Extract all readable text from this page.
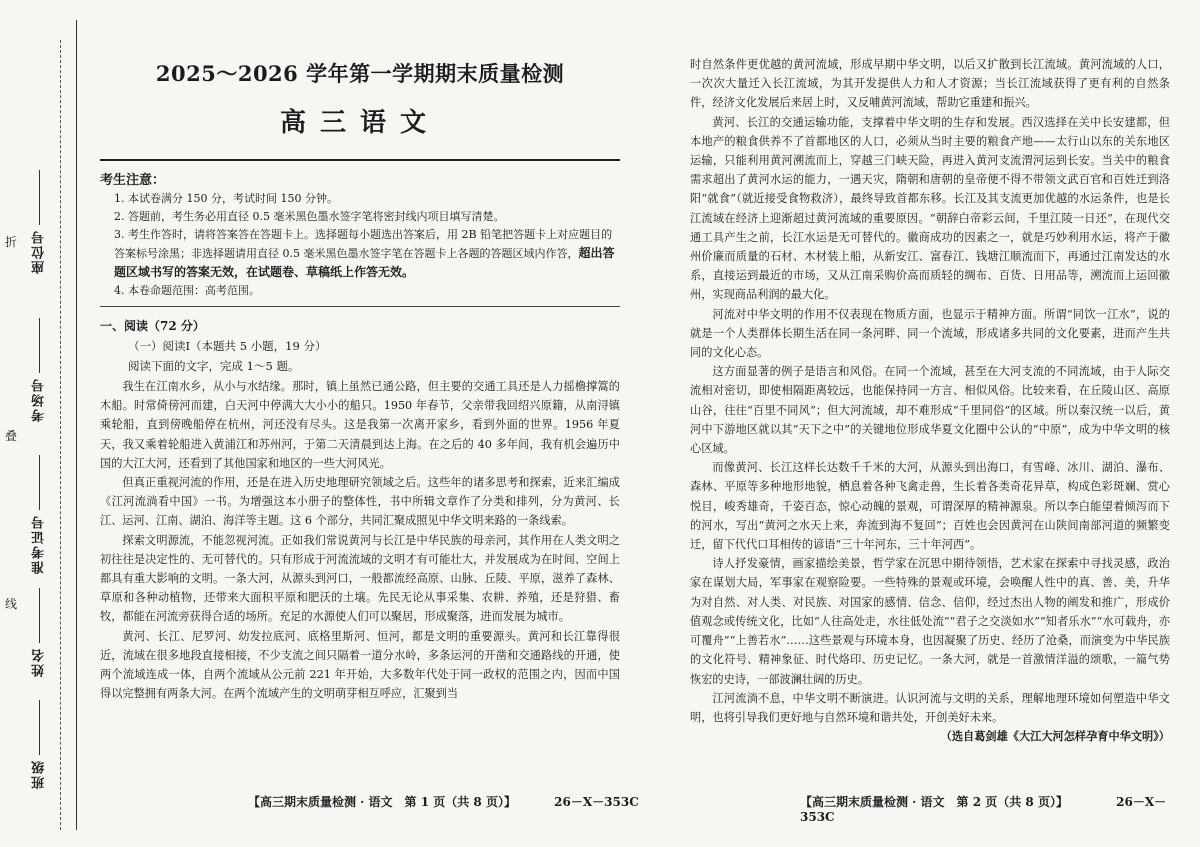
折
叠
线
座位号
考场号
准考证号
姓名
班级
2025～2026 学年第一学期期末质量检测
高三语文
考生注意：
1. 本试卷满分 150 分，考试时间 150 分钟。
2. 答题前，考生务必用直径 0.5 毫米黑色墨水签字笔将密封线内项目填写清楚。
3. 考生作答时，请将答案答在答题卡上。选择题每小题选出答案后，用 2B 铅笔把答题卡上对应题目的答案标号涂黑；非选择题请用直径 0.5 毫米黑色墨水签字笔在答题卡上各题的答题区域内作答，超出答题区域书写的答案无效，在试题卷、草稿纸上作答无效。
4. 本卷命题范围：高考范围。
一、阅读（72 分）
（一）阅读Ⅰ（本题共 5 小题，19 分）
阅读下面的文字，完成 1～5 题。

我生在江南水乡，从小与水结缘。那时，镇上虽然已通公路，但主要的交通工具还是人力摇橹撑篙的木船。时常倚傍河而建，白天河中停满大大小小的船只。1950 年春节，父亲带我回绍兴原籍，从南浔镇乘轮船，直到傍晚船停在杭州，河还没有尽头。这是我第一次离开家乡，看到外面的世界。1956 年夏天，我又乘着轮船进入黄浦江和苏州河，于第二天清晨到达上海。在之后的 40 多年间，我有机会遍历中国的大江大河，还看到了其他国家和地区的一些大河风光。

但真正重视河流的作用，还是在进入历史地理研究领域之后。这些年的诸多思考和探索，近来汇编成《江河流淌看中国》一书。为增强这本小册子的整体性，书中所辑文章作了分类和排列，分为黄河、长江、运河、江南、湖泊、海洋等主题。这 6 个部分，共同汇聚成照见中华文明来路的一条线索。

探索文明源流，不能忽视河流。正如我们常说黄河与长江是中华民族的母亲河，其作用在人类文明之初往往是决定性的、无可替代的。只有形成于河流流域的文明才有可能壮大，并发展成为在时间、空间上都具有重大影响的文明。一条大河，从源头到河口，一般都流经高原、山脉、丘陵、平原，滋养了森林、草原和各种动植物，还带来大面积平原和肥沃的土壤。先民无论从事采集、农耕、养殖，还是狩猎、畜牧，都能在河流旁获得合适的场所。充足的水源使人们可以聚居，形成聚落，进而发展为城市。

黄河、长江、尼罗河、幼发拉底河、底格里斯河、恒河，都是文明的重要源头。黄河和长江靠得很近，流域在很多地段直接相接，不少支流之间只隔着一道分水岭，多条运河的开凿和交通路线的开通，使两个流域连成一体，自两个流域从公元前 221 年开始，大多数年代处于同一政权的范围之内，因而中国得以完整拥有两条大河。在两个流域产生的文明萌芽相互呼应，汇聚到当

【高三期末质量检测 · 语文　第 1 页（共 8 页）】	26－X－353C

时自然条件更优越的黄河流域，形成早期中华文明，以后又扩散到长江流域。黄河流域的人口，一次次大量迁入长江流域，为其开发提供人力和人才资源；当长江流域获得了更有利的自然条件，经济文化发展后来居上时，又反哺黄河流域，帮助它重建和振兴。

黄河、长江的交通运输功能，支撑着中华文明的生存和发展。西汉选择在关中长安建都，但本地产的粮食供养不了首都地区的人口，必须从当时主要的粮食产地——太行山以东的关东地区运输，只能利用黄河溯流而上，穿越三门峡天险，再进入黄河支流渭河运到长安。当关中的粮食需求超出了黄河水运的能力，一遇天灾，隋朝和唐朝的皇帝便不得不带领文武百官和百姓迁到洛阳“就食”（就近接受食物救济），最终导致首都东移。长江及其支流更加优越的水运条件，也是长江流域在经济上迎渐超过黄河流域的重要原因。“朝辞白帝彩云间，千里江陵一日还”，在现代交通工具产生之前，长江水运是无可替代的。徽商成功的因素之一，就是巧妙利用水运，将产于徽州价廉而质量的石材、木材装上船，从新安江、富春江、钱塘江顺流而下，再通过江南发达的水系，直接运到最近的市场，又从江南采购价高而质轻的绸布、百货、日用品等，溯流而上运回徽州，实现商品利润的最大化。

河流对中华文明的作用不仅表现在物质方面，也显示于精神方面。所谓“同饮一江水”，说的就是一个人类群体长期生活在同一条河畔、同一个流域，形成诸多共同的文化要素，进而产生共同的文化心态。

这方面显著的例子是语言和风俗。在同一个流域，甚至在大河支流的不同流域，由于人际交流相对密切，即使相隔距离较远，也能保持同一方言、相似风俗。比较来看，在丘陵山区、高原山谷，往往“百里不同风”；但大河流域，却不难形成“千里同俗”的区域。所以秦汉统一以后，黄河中下游地区就以其“天下之中”的关键地位形成华夏文化圈中公认的“中原”，成为中华文明的核心区域。

而像黄河、长江这样长达数千千米的大河，从源头到出海口，有雪峰、冰川、湖泊、瀑布、森林、平原等多种地形地貌，栖息着各种飞禽走兽，生长着各类奇花异草，构成色彩斑斓、赏心悦目，峻秀雄奇，千姿百态，惊心动魄的景观，可谓深厚的精神源泉。所以李白能望着倾泻而下的河水，写出“黄河之水天上来，奔流到海不复回”；百姓也会因黄河在山陕间南部河道的频繁变迁，留下代代口耳相传的谚语“三十年河东，三十年河西”。

诗人抒发豪情，画家描绘美景，哲学家在沉思中期待领悟，艺术家在探索中寻找灵感，政治家在谋划大局，军事家在观察险要。一些特殊的景观或环境，会唤醒人性中的真、善、美，升华为对自然、对人类、对民族、对国家的感情、信念、信仰，经过杰出人物的阐发和推广，形成价值观念或传统文化，比如“人往高处走，水往低处流”“君子之交淡如水”“知者乐水”“水可载舟，亦可覆舟”“上善若水”……这些景观与环境本身，也因凝聚了历史、经历了沧桑，而演变为中华民族的文化符号、精神象征、时代烙印、历史记忆。一条大河，就是一首激情洋溢的颂歌，一篇气势恢宏的史诗，一部波澜壮阔的历史。

江河流淌不息，中华文明不断演进。认识河流与文明的关系，理解地理环境如何塑造中华文明，也将引导我们更好地与自然环境和谐共处，开创美好未来。

（选自葛剑雄《大江大河怎样孕育中华文明》）
【高三期末质量检测 · 语文　第 2 页（共 8 页）】	26－X－353C
